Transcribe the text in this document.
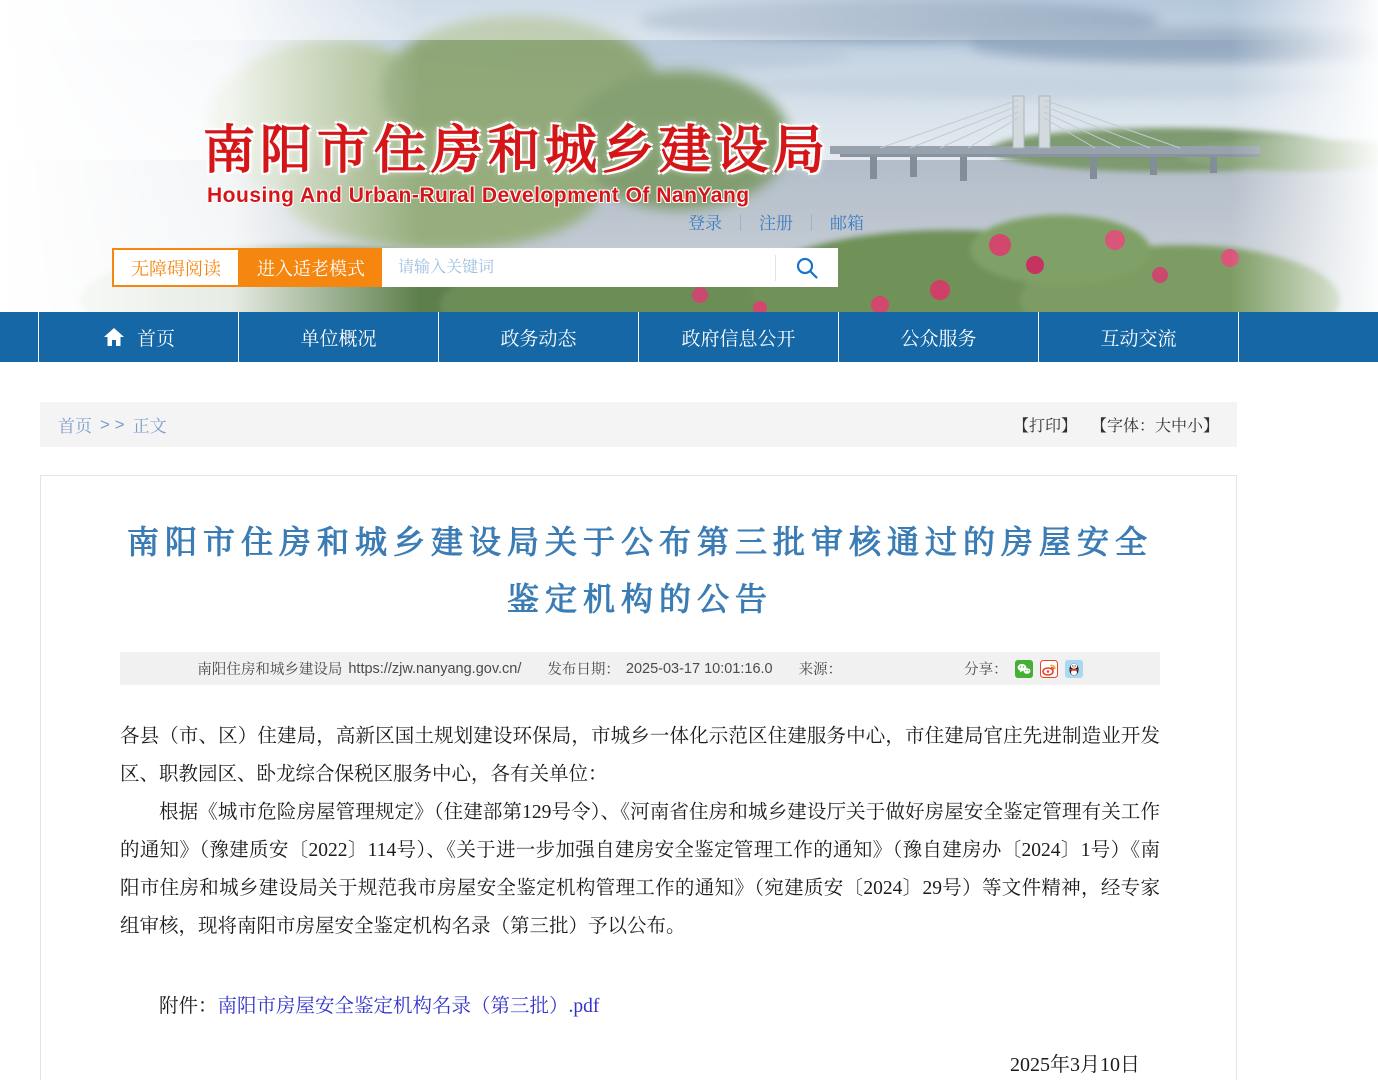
南阳市住房和城乡建设局
Housing And Urban-Rural Development Of NanYang
登录 ｜ 注册 ｜ 邮箱
无障碍阅读	进入适老模式
请输入关键词
首页	单位概况	政务动态	政府信息公开	公众服务	互动交流
首页 > > 正文	【打印】 【字体：大中小】
南阳市住房和城乡建设局关于公布第三批审核通过的房屋安全鉴定机构的公告
南阳住房和城乡建设局 https://zjw.nanyang.gov.cn/ 发布日期： 2025-03-17 10:01:16.0 来源：	分享：

各县（市、区）住建局，高新区国土规划建设环保局，市城乡一体化示范区住建服务中心，市住建局官庄先进制造业开发区、职教园区、卧龙综合保税区服务中心，各有关单位：

根据《城市危险房屋管理规定》（住建部第129号令）、《河南省住房和城乡建设厅关于做好房屋安全鉴定管理有关工作的通知》（豫建质安〔2022〕114号）、《关于进一步加强自建房安全鉴定管理工作的通知》（豫自建房办〔2024〕1号）《南阳市住房和城乡建设局关于规范我市房屋安全鉴定机构管理工作的通知》（宛建质安〔2024〕29号）等文件精神，经专家组审核，现将南阳市房屋安全鉴定机构名录（第三批）予以公布。

附件：南阳市房屋安全鉴定机构名录（第三批）.pdf
2025年3月10日
